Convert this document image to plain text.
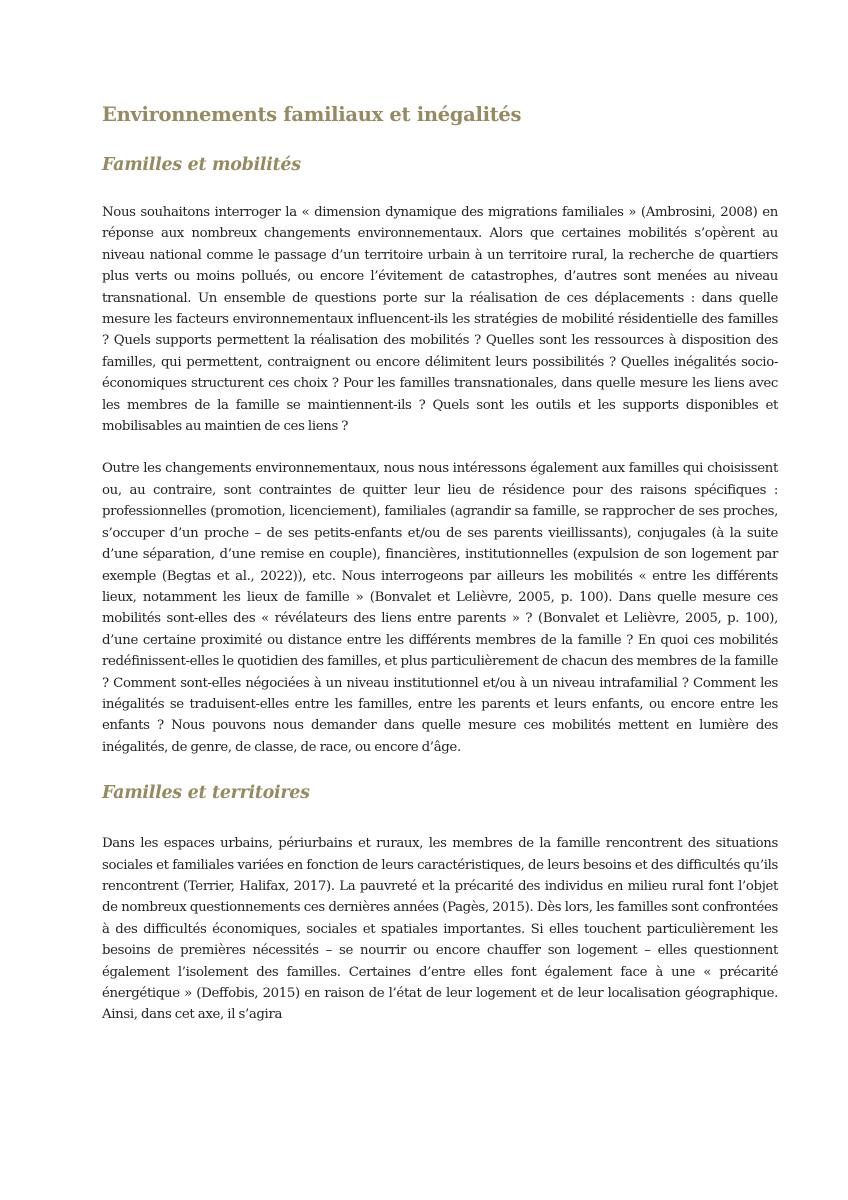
Environnements familiaux et inégalités
Familles et mobilités

Nous souhaitons interroger la « dimension dynamique des migrations familiales » (Ambrosini, 2008) en réponse aux nombreux changements environnementaux. Alors que certaines mobilités s’opèrent au niveau national comme le passage d’un territoire urbain à un territoire rural, la recherche de quartiers plus verts ou moins pollués, ou encore l’évitement de catastrophes, d’autres sont menées au niveau transnational. Un ensemble de questions porte sur la réalisation de ces déplacements : dans quelle mesure les facteurs environnementaux influencent-ils les stratégies de mobilité résidentielle des familles ? Quels supports permettent la réalisation des mobilités ? Quelles sont les ressources à disposition des familles, qui permettent, contraignent ou encore délimitent leurs possibilités ? Quelles inégalités socio-économiques structurent ces choix ? Pour les familles transnationales, dans quelle mesure les liens avec les membres de la famille se maintiennent-ils ? Quels sont les outils et les supports disponibles et mobilisables au maintien de ces liens ?

Outre les changements environnementaux, nous nous intéressons également aux familles qui choisissent ou, au contraire, sont contraintes de quitter leur lieu de résidence pour des raisons spécifiques : professionnelles (promotion, licenciement), familiales (agrandir sa famille, se rapprocher de ses proches, s’occuper d’un proche – de ses petits-enfants et/ou de ses parents vieillissants), conjugales (à la suite d’une séparation, d’une remise en couple), financières, institutionnelles (expulsion de son logement par exemple (Begtas et al., 2022)), etc. Nous interrogeons par ailleurs les mobilités « entre les différents lieux, notamment les lieux de famille » (Bonvalet et Lelièvre, 2005, p. 100). Dans quelle mesure ces mobilités sont-elles des « révélateurs des liens entre parents » ? (Bonvalet et Lelièvre, 2005, p. 100), d’une certaine proximité ou distance entre les différents membres de la famille ? En quoi ces mobilités redéfinissent-elles le quotidien des familles, et plus particulièrement de chacun des membres de la famille ? Comment sont-elles négociées à un niveau institutionnel et/ou à un niveau intrafamilial ? Comment les inégalités se traduisent-elles entre les familles, entre les parents et leurs enfants, ou encore entre les enfants ? Nous pouvons nous demander dans quelle mesure ces mobilités mettent en lumière des inégalités, de genre, de classe, de race, ou encore d’âge.

Familles et territoires

Dans les espaces urbains, périurbains et ruraux, les membres de la famille rencontrent des situations sociales et familiales variées en fonction de leurs caractéristiques, de leurs besoins et des difficultés qu’ils rencontrent (Terrier, Halifax, 2017). La pauvreté et la précarité des individus en milieu rural font l’objet de nombreux questionnements ces dernières années (Pagès, 2015). Dès lors, les familles sont confrontées à des difficultés économiques, sociales et spatiales importantes. Si elles touchent particulièrement les besoins de premières nécessités – se nourrir ou encore chauffer son logement – elles questionnent également l’isolement des familles. Certaines d’entre elles font également face à une « précarité énergétique » (Deffobis, 2015) en raison de l’état de leur logement et de leur localisation géographique. Ainsi, dans cet axe, il s’agira
